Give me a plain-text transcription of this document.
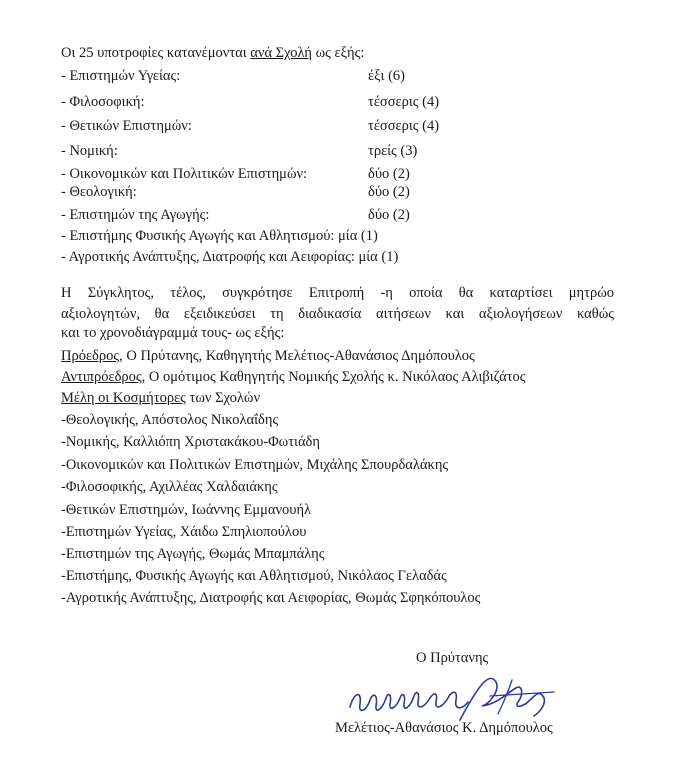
Οι 25 υποτροφίες κατανέμονται ανά Σχολή ως εξής:
- Επιστημών Υγείας:	έξι (6)
- Φιλοσοφική:	τέσσερις (4)
- Θετικών Επιστημών:	τέσσερις (4)
- Νομική:	τρείς (3)
- Οικονομικών και Πολιτικών Επιστημών:	δύο (2)
- Θεολογική:	δύο (2)
- Επιστημών της Αγωγής:	δύο (2)
- Επιστήμης Φυσικής Αγωγής και Αθλητισμού: μία (1)
- Αγροτικής Ανάπτυξης, Διατροφής και Αειφορίας: μία (1)
Η Σύγκλητος, τέλος, συγκρότησε Επιτροπή -η οποία θα καταρτίσει μητρώο
αξιολογητών, θα εξειδικεύσει τη διαδικασία αιτήσεων και αξιολογήσεων καθώς
και το χρονοδιάγραμμά τους- ως εξής:
Πρόεδρος, Ο Πρύτανης, Καθηγητής Μελέτιος-Αθανάσιος Δημόπουλος
Αντιπρόεδρος, Ο ομότιμος Καθηγητής Νομικής Σχολής κ. Νικόλαος Αλιβιζάτος
Μέλη οι Κοσμήτορες των Σχολών
-Θεολογικής, Απόστολος Νικολαΐδης
-Νομικής, Καλλιόπη Χριστακάκου-Φωτιάδη
-Οικονομικών και Πολιτικών Επιστημών, Μιχάλης Σπουρδαλάκης
-Φιλοσοφικής, Αχιλλέας Χαλδαιάκης
-Θετικών Επιστημών, Ιωάννης Εμμανουήλ
-Επιστημών Υγείας, Χάιδω Σπηλιοπούλου
-Επιστημών της Αγωγής, Θωμάς Μπαμπάλης
-Επιστήμης, Φυσικής Αγωγής και Αθλητισμού, Νικόλαος Γελαδάς
-Αγροτικής Ανάπτυξης, Διατροφής και Αειφορίας, Θωμάς Σφηκόπουλος
Ο Πρύτανης
Μελέτιος-Αθανάσιος Κ. Δημόπουλος
